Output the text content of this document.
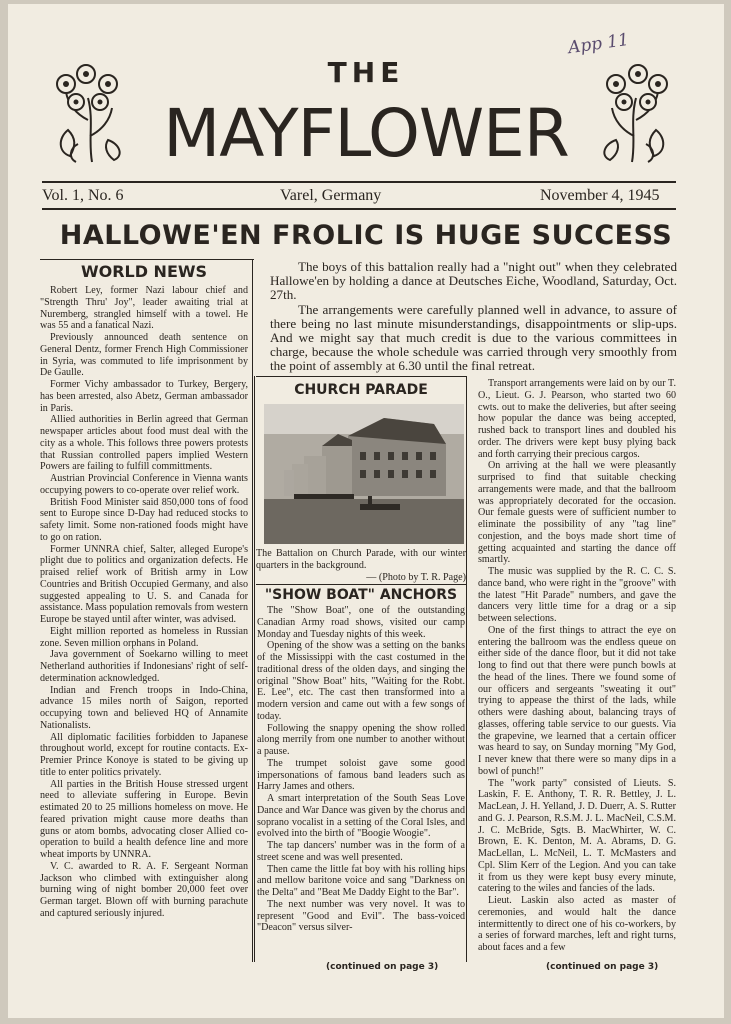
App 11
THE
MAYFLOWER
Vol. 1, No. 6	Varel, Germany	November 4, 1945
HALLOWE'EN FROLIC IS HUGE SUCCESS
WORLD NEWS

Robert Ley, former Nazi labour chief and "Strength Thru' Joy", leader awaiting trial at Nuremberg, strangled himself with a towel. He was 55 and a fanatical Nazi.

Previously announced death sentence on General Dentz, former French High Commissioner in Syria, was commuted to life imprisonment by De Gaulle.

Former Vichy ambassador to Turkey, Bergery, has been arrested, also Abetz, German ambassador in Paris.

Allied authorities in Berlin agreed that German newspaper articles about food must deal with the city as a whole. This follows three powers protests that Russian controlled papers implied Western Powers are failing to fulfill committments.

Austrian Provincial Conference in Vienna wants occupying powers to co-operate over relief work.

British Food Minister said 850,000 tons of food sent to Europe since D-Day had reduced stocks to safety limit. Some non-rationed foods might have to go on ration.

Former UNNRA chief, Salter, alleged Europe's plight due to politics and organization defects. He praised relief work of British army in Low Countries and British Occupied Germany, and also suggested appealing to U. S. and Canada for assistance. Mass population removals from western Europe be stayed until after winter, was advised.

Eight million reported as homeless in Russian zone. Seven million orphans in Poland.

Java government of Soekarno willing to meet Netherland authorities if Indonesians' right of self-determination acknowledged.

Indian and French troops in Indo-China, advance 15 miles north of Saigon, reported occupying town and believed HQ of Annamite Nationalists.

All diplomatic facilities forbidden to Japanese throughout world, except for routine contacts. Ex-Premier Prince Konoye is stated to be giving up title to enter politics privately.

All parties in the British House stressed urgent need to alleviate suffering in Europe. Bevin estimated 20 to 25 millions homeless on move. He feared privation might cause more deaths than guns or atom bombs, advocating closer Allied co-operation to build a health defence line and more wheat imports by UNNRA.

V. C. awarded to R. A. F. Sergeant Norman Jackson who climbed with extinguisher along burning wing of night bomber 20,000 feet over German target. Blown off with burning parachute and captured seriously injured.

The boys of this battalion really had a "night out" when they celebrated Hallowe'en by holding a dance at Deutsches Eiche, Woodland, Saturday, Oct. 27th.

The arrangements were carefully planned well in advance, to assure of there being no last minute misunderstandings, disappointments or slip-ups. And we might say that much credit is due to the various committees in charge, because the whole schedule was carried through very smoothly from the point of assembly at 6.30 until the final retreat.

CHURCH PARADE

The Battalion on Church Parade, with our winter quarters in the background.

— (Photo by T. R. Page)

"SHOW BOAT" ANCHORS

The "Show Boat", one of the outstanding Canadian Army road shows, visited our camp Monday and Tuesday nights of this week.

Opening of the show was a setting on the banks of the Mississippi with the cast costumed in the traditional dress of the olden days, and singing the original "Show Boat" hits, "Waiting for the Robt. E. Lee", etc. The cast then transformed into a modern version and came out with a few songs of today.

Following the snappy opening the show rolled along merrily from one number to another without a pause.

The trumpet soloist gave some good impersonations of famous band leaders such as Harry James and others.

A smart interpretation of the South Seas Love Dance and War Dance was given by the chorus and soprano vocalist in a setting of the Coral Isles, and evolved into the birth of "Boogie Woogie".

The tap dancers' number was in the form of a street scene and was well presented.

Then came the little fat boy with his rolling hips and mellow baritone voice and sang "Darkness on the Delta" and "Beat Me Daddy Eight to the Bar".

The next number was very novel. It was to represent "Good and Evil". The bass-voiced "Deacon" versus silver-

(continued on page 3)

Transport arrangements were laid on by our T. O., Lieut. G. J. Pearson, who started two 60 cwts. out to make the deliveries, but after seeing how popular the dance was being accepted, rushed back to transport lines and doubled his order. The drivers were kept busy plying back and forth carrying their precious cargos.

On arriving at the hall we were pleasantly surprised to find that suitable checking arrangements were made, and that the ballroom was appropriately decorated for the occasion. Our female guests were of sufficient number to eliminate the possibility of any "tag line" conjestion, and the boys made short time of getting acquainted and starting the dance off smartly.

The music was supplied by the R. C. C. S. dance band, who were right in the "groove" with the latest "Hit Parade" numbers, and gave the dancers very little time for a drag or a sip between selections.

One of the first things to attract the eye on entering the ballroom was the endless queue on either side of the dance floor, but it did not take long to find out that there were punch bowls at the head of the lines. There we found some of our officers and sergeants "sweating it out" trying to appease the thirst of the lads, while others were dashing about, balancing trays of glasses, offering table service to our guests. Via the grapevine, we learned that a certain officer was heard to say, on Sunday morning "My God, I never knew that there were so many dips in a bowl of punch!"

The "work party" consisted of Lieuts. S. Laskin, F. E. Anthony, T. R. R. Bettley, J. L. MacLean, J. H. Yelland, J. D. Duerr, A. S. Rutter and G. J. Pearson, R.S.M. J. L. MacNeil, C.S.M. J. C. McBride, Sgts. B. MacWhirter, W. C. Brown, E. K. Denton, M. A. Abrams, D. G. MacLellan, L. McNeil, L. T. McMasters and Cpl. Slim Kerr of the Legion. And you can take it from us they were kept busy every minute, catering to the wiles and fancies of the lads.

Lieut. Laskin also acted as master of ceremonies, and would halt the dance intermittently to direct one of his co-workers, by a series of forward marches, left and right turns, about faces and a few

(continued on page 3)
